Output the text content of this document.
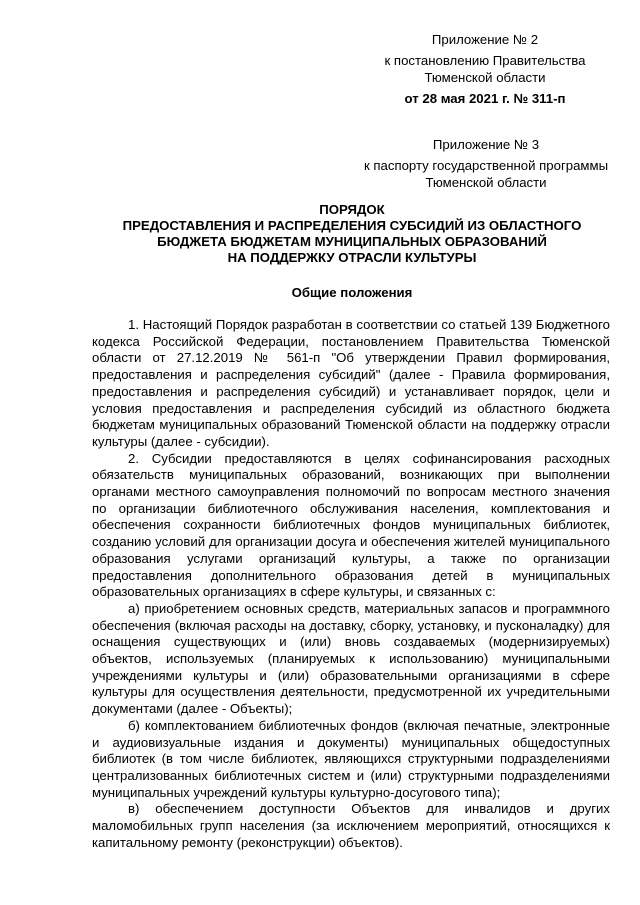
Приложение № 2
к постановлению Правительства
Тюменской области
от 28 мая 2021 г. № 311-п
Приложение № 3
к паспорту государственной программы
Тюменской области
ПОРЯДОК
ПРЕДОСТАВЛЕНИЯ И РАСПРЕДЕЛЕНИЯ СУБСИДИЙ ИЗ ОБЛАСТНОГО
БЮДЖЕТА БЮДЖЕТАМ МУНИЦИПАЛЬНЫХ ОБРАЗОВАНИЙ
НА ПОДДЕРЖКУ ОТРАСЛИ КУЛЬТУРЫ
Общие положения

1. Настоящий Порядок разработан в соответствии со статьей 139 Бюджетного кодекса Российской Федерации, постановлением Правительства Тюменской области от 27.12.2019 № 561-п "Об утверждении Правил формирования, предоставления и распределения субсидий" (далее - Правила формирования, предоставления и распределения субсидий) и устанавливает порядок, цели и условия предоставления и распределения субсидий из областного бюджета бюджетам муниципальных образований Тюменской области на поддержку отрасли культуры (далее - субсидии).

2. Субсидии предоставляются в целях софинансирования расходных обязательств муниципальных образований, возникающих при выполнении органами местного самоуправления полномочий по вопросам местного значения по организации библиотечного обслуживания населения, комплектования и обеспечения сохранности библиотечных фондов муниципальных библиотек, созданию условий для организации досуга и обеспечения жителей муниципального образования услугами организаций культуры, а также по организации предоставления дополнительного образования детей в муниципальных образовательных организациях в сфере культуры, и связанных с:

а) приобретением основных средств, материальных запасов и программного обеспечения (включая расходы на доставку, сборку, установку, и пусконаладку) для оснащения существующих и (или) вновь создаваемых (модернизируемых) объектов, используемых (планируемых к использованию) муниципальными учреждениями культуры и (или) образовательными организациями в сфере культуры для осуществления деятельности, предусмотренной их учредительными документами (далее - Объекты);

б) комплектованием библиотечных фондов (включая печатные, электронные и аудиовизуальные издания и документы) муниципальных общедоступных библиотек (в том числе библиотек, являющихся структурными подразделениями централизованных библиотечных систем и (или) структурными подразделениями муниципальных учреждений культуры культурно-досугового типа);

в) обеспечением доступности Объектов для инвалидов и других маломобильных групп населения (за исключением мероприятий, относящихся к капитальному ремонту (реконструкции) объектов).
